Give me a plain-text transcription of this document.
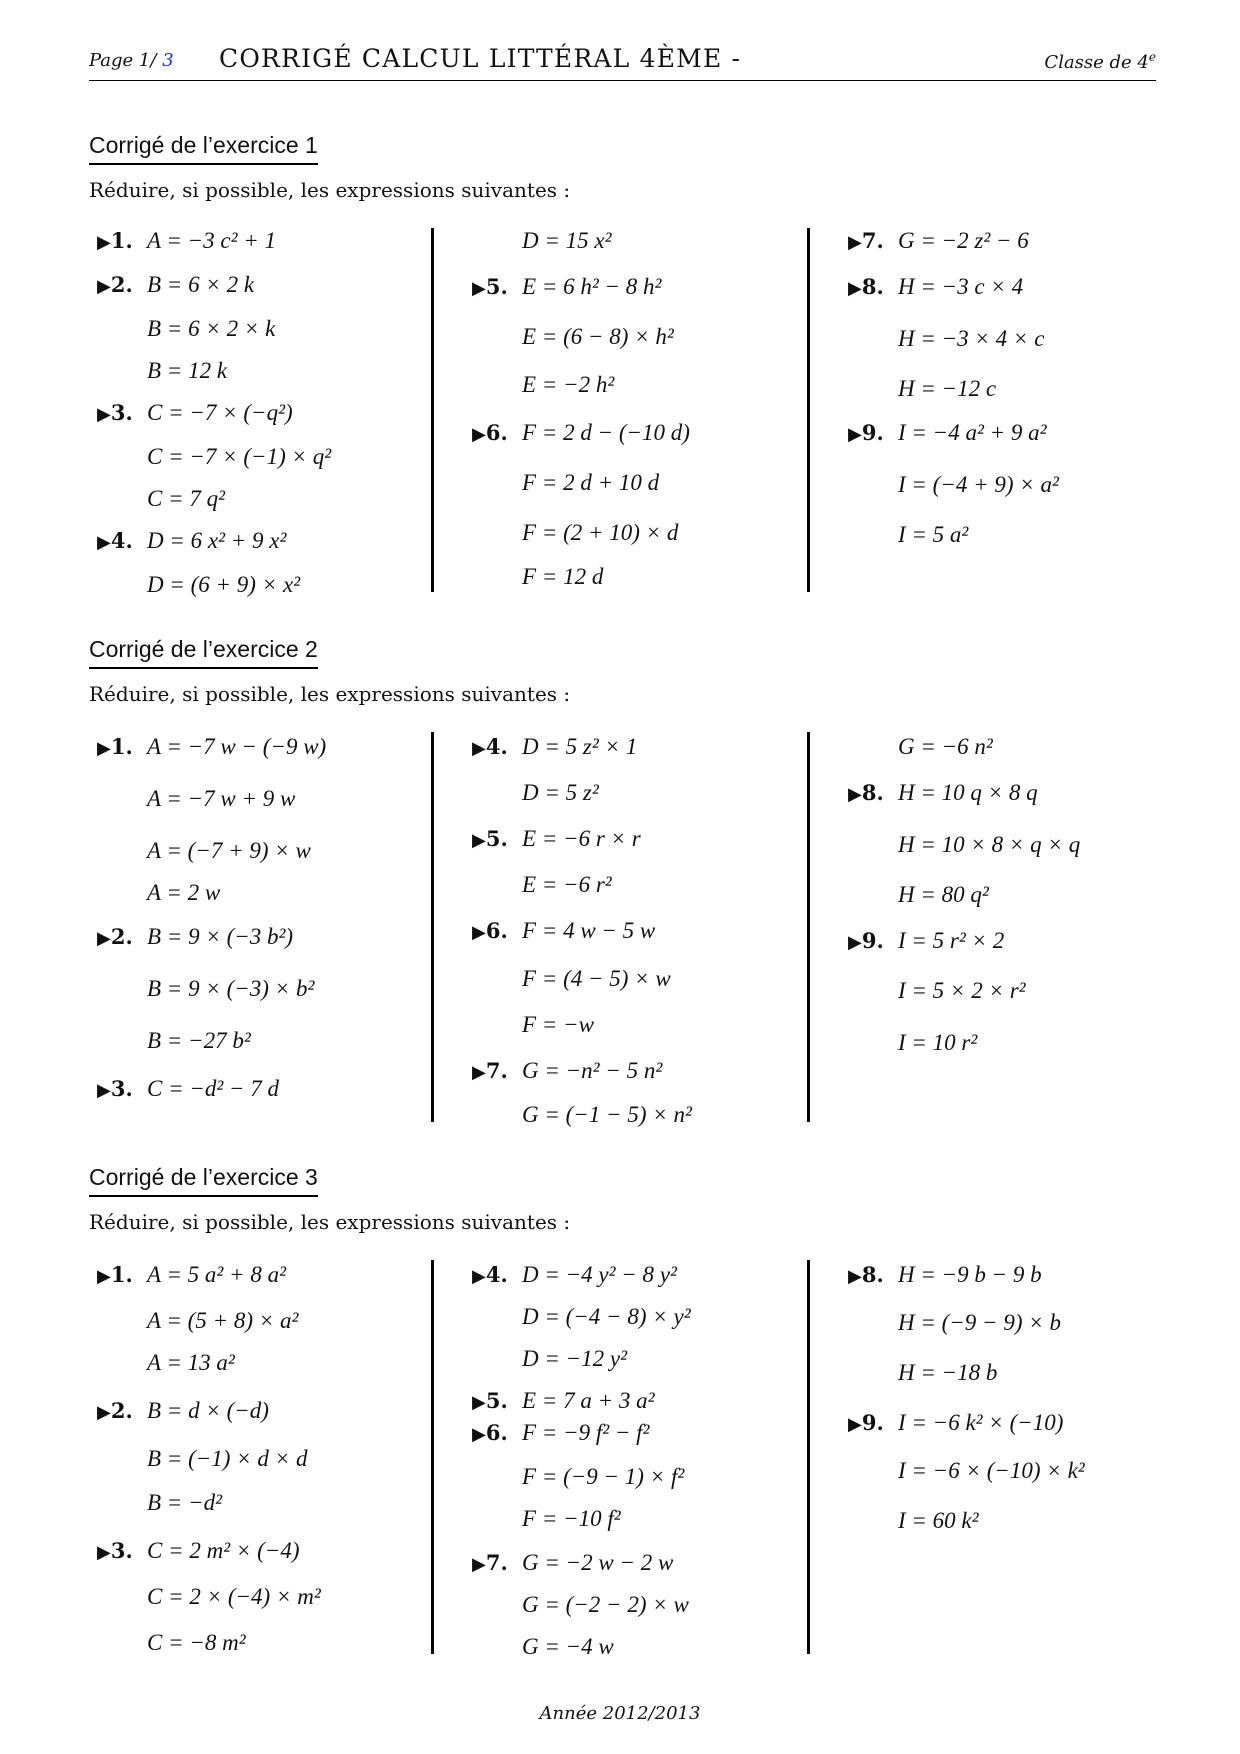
Page 1/ 3 CORRIGÉ CALCUL LITTÉRAL 4ÈME -	Classe de 4e
Corrigé de l’exercice 1
Réduire, si possible, les expressions suivantes :
▶1. A = −3 c² + 1
▶2. B = 6 × 2 k
B = 6 × 2 × k
B = 12 k
▶3. C = −7 × (−q²)
C = −7 × (−1) × q²
C = 7 q²
▶4. D = 6 x² + 9 x²
D = (6 + 9) × x²
D = 15 x²
▶5. E = 6 h² − 8 h²
E = (6 − 8) × h²
E = −2 h²
▶6. F = 2 d − (−10 d)
F = 2 d + 10 d
F = (2 + 10) × d
F = 12 d
▶7. G = −2 z² − 6
▶8. H = −3 c × 4
H = −3 × 4 × c
H = −12 c
▶9. I = −4 a² + 9 a²
I = (−4 + 9) × a²
I = 5 a²
Corrigé de l’exercice 2
Réduire, si possible, les expressions suivantes :
▶1. A = −7 w − (−9 w)
A = −7 w + 9 w
A = (−7 + 9) × w
A = 2 w
▶2. B = 9 × (−3 b²)
B = 9 × (−3) × b²
B = −27 b²
▶3. C = −d² − 7 d
▶4. D = 5 z² × 1
D = 5 z²
▶5. E = −6 r × r
E = −6 r²
▶6. F = 4 w − 5 w
F = (4 − 5) × w
F = −w
▶7. G = −n² − 5 n²
G = (−1 − 5) × n²
G = −6 n²
▶8. H = 10 q × 8 q
H = 10 × 8 × q × q
H = 80 q²
▶9. I = 5 r² × 2
I = 5 × 2 × r²
I = 10 r²
Corrigé de l’exercice 3
Réduire, si possible, les expressions suivantes :
▶1. A = 5 a² + 8 a²
A = (5 + 8) × a²
A = 13 a²
▶2. B = d × (−d)
B = (−1) × d × d
B = −d²
▶3. C = 2 m² × (−4)
C = 2 × (−4) × m²
C = −8 m²
▶4. D = −4 y² − 8 y²
D = (−4 − 8) × y²
D = −12 y²
▶5. E = 7 a + 3 a²
▶6. F = −9 f² − f²
F = (−9 − 1) × f²
F = −10 f²
▶7. G = −2 w − 2 w
G = (−2 − 2) × w
G = −4 w
▶8. H = −9 b − 9 b
H = (−9 − 9) × b
H = −18 b
▶9. I = −6 k² × (−10)
I = −6 × (−10) × k²
I = 60 k²
Année 2012/2013
